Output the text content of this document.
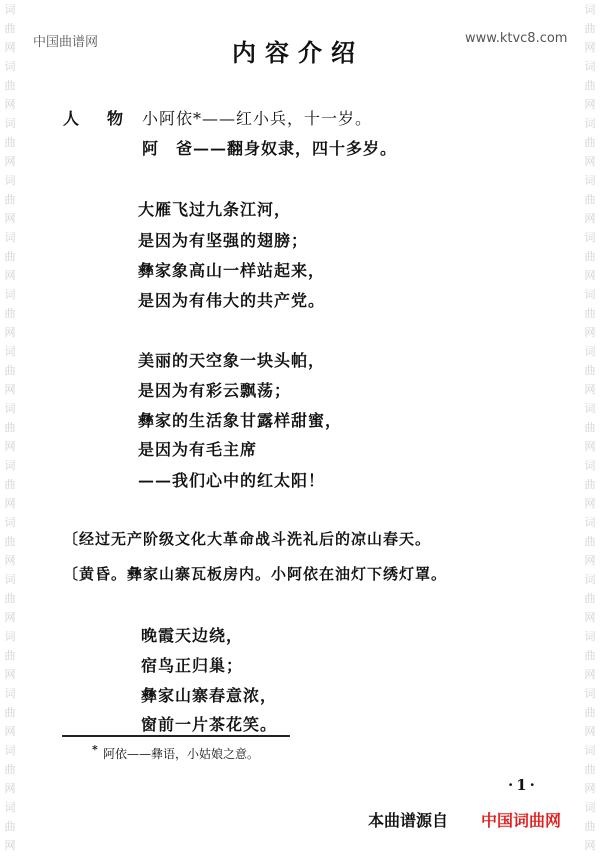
中国曲谱网	www.ktvc8.com
词
曲
网
词
曲
网
词
曲
网
词
曲
网
词
曲
网
词
曲
网
词
曲
网
词
曲
网
词
曲
网
词
曲
网
词
曲
网
词
曲
网
词
曲
网
词
曲
网
词
曲
网
词
曲
网
词
曲
网
词
曲
网
词
曲
网
词
曲
网
词
曲
网
词
曲
网
词
曲
网
词
曲
网
词
曲
网
词
曲
网
词
曲
网
词
曲
网
词
曲
网
词
曲
网
内容介绍
人　物 小阿依*——红小兵，十一岁。
阿　爸——翻身奴隶，四十多岁。
大雁飞过九条江河，
是因为有坚强的翅膀；
彝家象高山一样站起来，
是因为有伟大的共产党。
美丽的天空象一块头帕，
是因为有彩云飘荡；
彝家的生活象甘露样甜蜜，
是因为有毛主席
——我们心中的红太阳！
〔经过无产阶级文化大革命战斗洗礼后的凉山春天。
〔黄昏。彝家山寨瓦板房内。小阿依在油灯下绣灯罩。
晚霞天边绕，
宿鸟正归巢；
彝家山寨春意浓，
窗前一片茶花笑。
* 阿依——彝语，小姑娘之意。
·1·
本曲谱源自 中国词曲网
